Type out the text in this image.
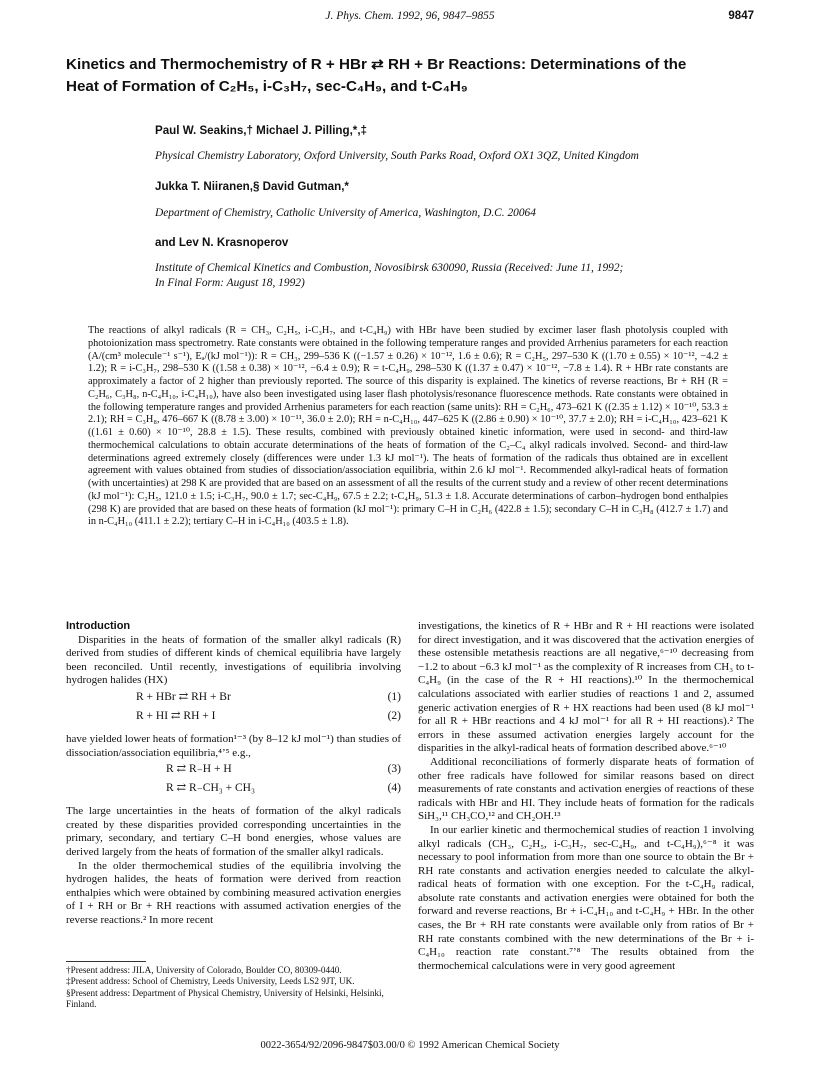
J. Phys. Chem. 1992, 96, 9847–9855	9847
Kinetics and Thermochemistry of R + HBr ⇄ RH + Br Reactions: Determinations of the
Heat of Formation of C₂H₅, i-C₃H₇, sec-C₄H₉, and t-C₄H₉
Paul W. Seakins,† Michael J. Pilling,*,‡
Physical Chemistry Laboratory, Oxford University, South Parks Road, Oxford OX1 3QZ, United Kingdom
Jukka T. Niiranen,§ David Gutman,*
Department of Chemistry, Catholic University of America, Washington, D.C. 20064
and Lev N. Krasnoperov
Institute of Chemical Kinetics and Combustion, Novosibirsk 630090, Russia (Received: June 11, 1992; In Final Form: August 18, 1992)
The reactions of alkyl radicals (R = CH₃, C₂H₅, i-C₃H₇, and t-C₄H₉) with HBr have been studied by excimer laser flash photolysis coupled with photoionization mass spectrometry. Rate constants were obtained in the following temperature ranges and provided Arrhenius parameters for each reaction (A/(cm³ molecule⁻¹ s⁻¹), Eₐ/(kJ mol⁻¹)): R = CH₃, 299–536 K ((−1.57 ± 0.26) × 10⁻¹², 1.6 ± 0.6); R = C₂H₅, 297–530 K ((1.70 ± 0.55) × 10⁻¹², −4.2 ± 1.2); R = i-C₃H₇, 298–530 K ((1.58 ± 0.38) × 10⁻¹², −6.4 ± 0.9); R = t-C₄H₉, 298–530 K ((1.37 ± 0.47) × 10⁻¹², −7.8 ± 1.4). R + HBr rate constants are approximately a factor of 2 higher than previously reported. The source of this disparity is explained. The kinetics of reverse reactions, Br + RH (R = C₂H₆, C₃H₈, n-C₄H₁₀, i-C₄H₁₀), have also been investigated using laser flash photolysis/resonance fluorescence methods. Rate constants were obtained in the following temperature ranges and provided Arrhenius parameters for each reaction (same units): RH = C₂H₆, 473–621 K ((2.35 ± 1.12) × 10⁻¹⁰, 53.3 ± 2.1); RH = C₃H₈, 476–667 K ((8.78 ± 3.00) × 10⁻¹¹, 36.0 ± 2.0); RH = n-C₄H₁₀, 447–625 K ((2.86 ± 0.90) × 10⁻¹⁰, 37.7 ± 2.0); RH = i-C₄H₁₀, 423–621 K ((1.61 ± 0.60) × 10⁻¹⁰, 28.8 ± 1.5). These results, combined with previously obtained kinetic information, were used in second- and third-law thermochemical calculations to obtain accurate determinations of the heats of formation of the C₂–C₄ alkyl radicals involved. Second- and third-law determinations agreed extremely closely (differences were under 1.3 kJ mol⁻¹). The heats of formation of the radicals thus obtained are in excellent agreement with values obtained from studies of dissociation/association equilibria, within 2.6 kJ mol⁻¹. Recommended alkyl-radical heats of formation (with uncertainties) at 298 K are provided that are based on an assessment of all the results of the current study and a review of other recent determinations (kJ mol⁻¹): C₂H₅, 121.0 ± 1.5; i-C₃H₇, 90.0 ± 1.7; sec-C₄H₉, 67.5 ± 2.2; t-C₄H₉, 51.3 ± 1.8. Accurate determinations of carbon–hydrogen bond enthalpies (298 K) are provided that are based on these heats of formation (kJ mol⁻¹): primary C–H in C₂H₆ (422.8 ± 1.5); secondary C–H in C₃H₈ (412.7 ± 1.7) and in n-C₄H₁₀ (411.1 ± 2.2); tertiary C–H in i-C₄H₁₀ (403.5 ± 1.8).
Introduction

Disparities in the heats of formation of the smaller alkyl radicals (R) derived from studies of different kinds of chemical equilibria have largely been reconciled. Until recently, investigations of equilibria involving hydrogen halides (HX)

R + HBr ⇄ RH + Br	(1)
R + HI ⇄ RH + I	(2)

have yielded lower heats of formation¹⁻³ (by 8–12 kJ mol⁻¹) than studies of dissociation/association equilibria,⁴ʼ⁵ e.g.,

R ⇄ R₋H + H	(3)
R ⇄ R₋CH₃ + CH₃	(4)

The large uncertainties in the heats of formation of the alkyl radicals created by these disparities provided corresponding uncertainties in the primary, secondary, and tertiary C–H bond energies, whose values are derived largely from the heats of formation of the smaller alkyl radicals.

In the older thermochemical studies of the equilibria involving the hydrogen halides, the heats of formation were derived from reaction enthalpies which were obtained by combining measured activation energies of I + RH or Br + RH reactions with assumed activation energies of the reverse reactions.² In more recent

†Present address: JILA, University of Colorado, Boulder CO, 80309-0440.
‡Present address: School of Chemistry, Leeds University, Leeds LS2 9JT, UK.
§Present address: Department of Physical Chemistry, University of Helsinki, Helsinki, Finland.

investigations, the kinetics of R + HBr and R + HI reactions were isolated for direct investigation, and it was discovered that the activation energies of these ostensible metathesis reactions are all negative,⁶⁻¹⁰ decreasing from −1.2 to about −6.3 kJ mol⁻¹ as the complexity of R increases from CH₃ to t-C₄H₉ (in the case of the R + HI reactions).¹⁰ In the thermochemical calculations associated with earlier studies of reactions 1 and 2, assumed generic activation energies of R + HX reactions had been used (8 kJ mol⁻¹ for all R + HBr reactions and 4 kJ mol⁻¹ for all R + HI reactions).² The errors in these assumed activation energies largely account for the disparities in the alkyl-radical heats of formation described above.⁶⁻¹⁰

Additional reconciliations of formerly disparate heats of formation of other free radicals have followed for similar reasons based on direct measurements of rate constants and activation energies of reactions of these radicals with HBr and HI. They include heats of formation for the radicals SiH₃,¹¹ CH₃CO,¹² and CH₂OH.¹³

In our earlier kinetic and thermochemical studies of reaction 1 involving alkyl radicals (CH₃, C₂H₅, i-C₃H₇, sec-C₄H₉, and t-C₄H₉),⁶⁻⁸ it was necessary to pool information from more than one source to obtain the Br + RH rate constants and activation energies needed to calculate the alkyl-radical heats of formation with one exception. For the t-C₄H₉ radical, absolute rate constants and activation energies were obtained for both the forward and reverse reactions, Br + i-C₄H₁₀ and t-C₄H₉ + HBr. In the other cases, the Br + RH rate constants were available only from ratios of Br + RH rate constants combined with the new determinations of the Br + i-C₄H₁₀ reaction rate constant.⁷ʼ⁸ The results obtained from the thermochemical calculations were in very good agreement

0022-3654/92/2096-9847$03.00/0 © 1992 American Chemical Society
